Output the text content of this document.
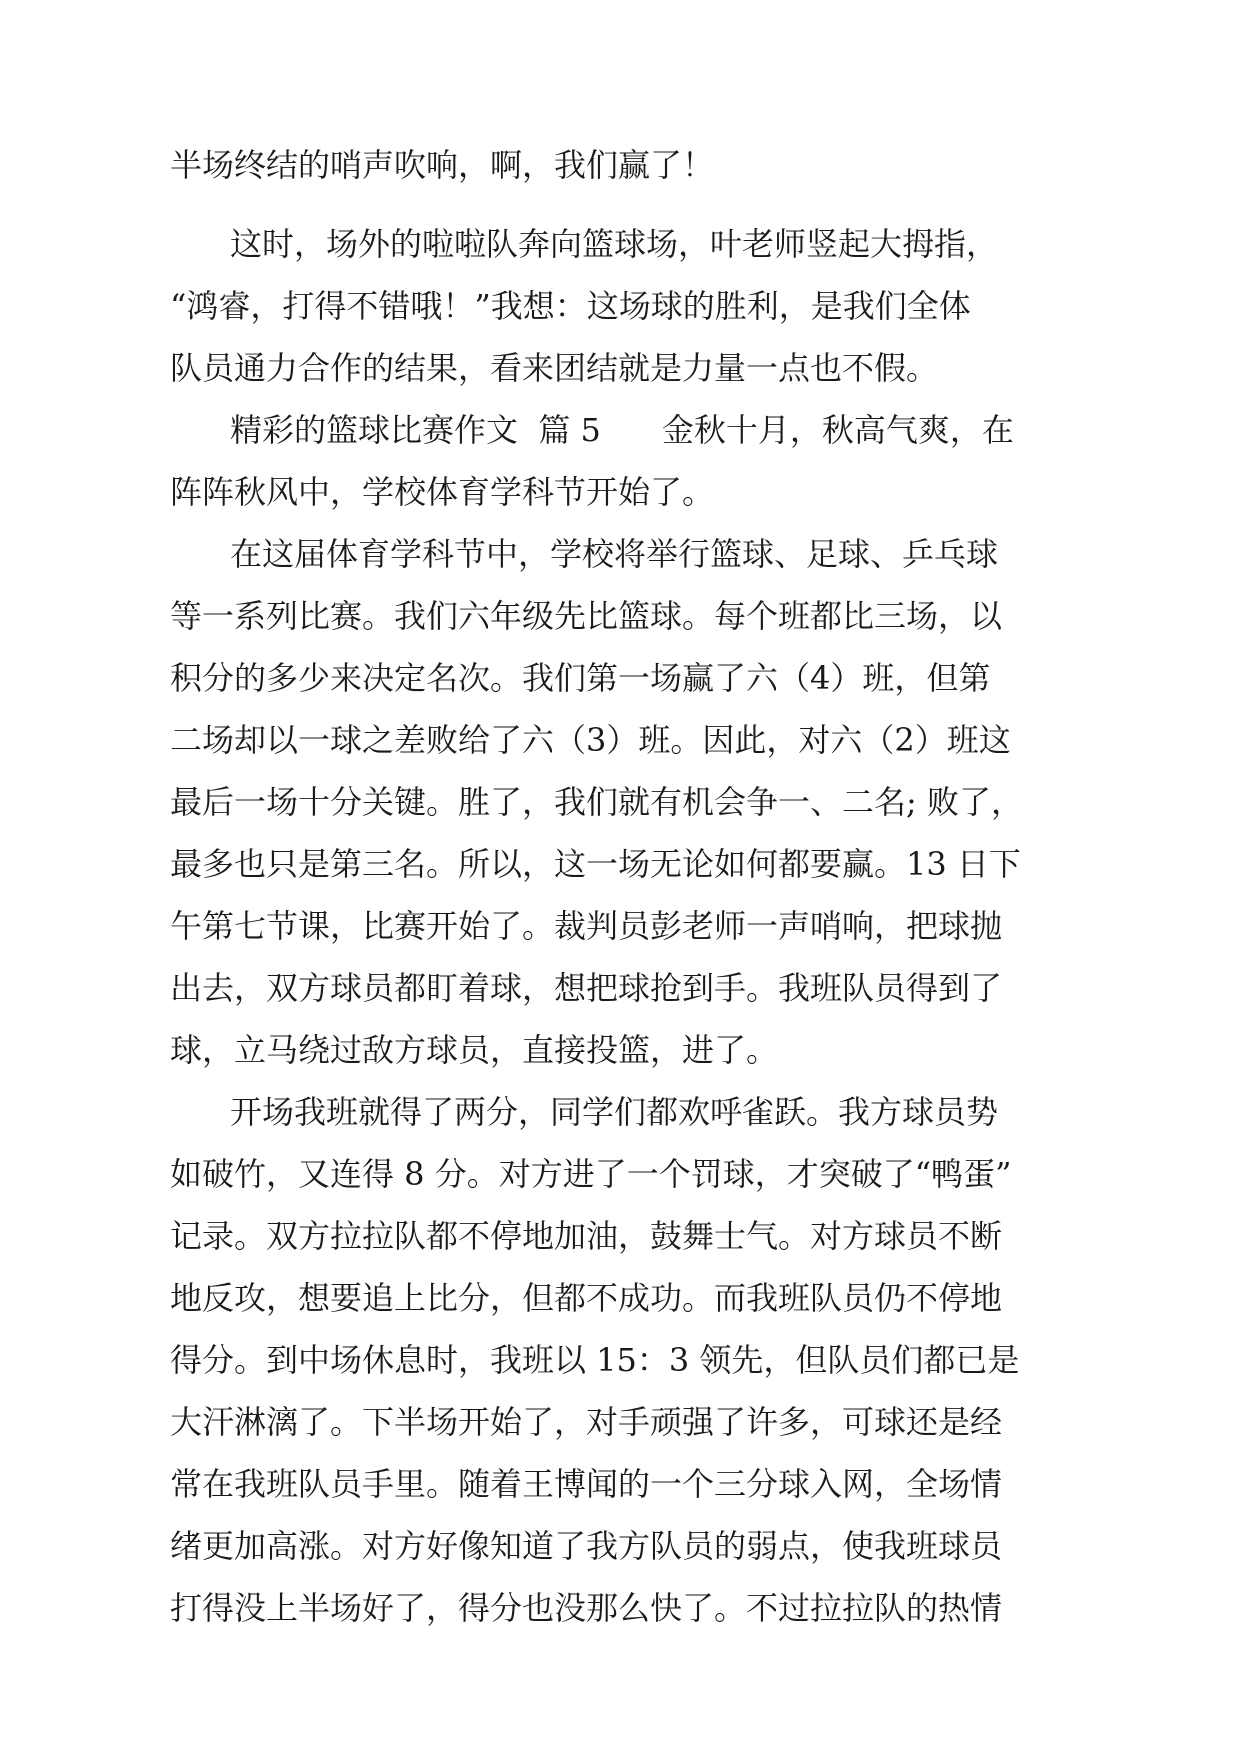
半场终结的哨声吹响，啊，我们赢了！
这时，场外的啦啦队奔向篮球场，叶老师竖起大拇指，
“鸿睿，打得不错哦！”我想：这场球的胜利，是我们全体
队员通力合作的结果，看来团结就是力量一点也不假。
精彩的篮球比赛作文  篇 5      金秋十月，秋高气爽，在
阵阵秋风中，学校体育学科节开始了。
在这届体育学科节中，学校将举行篮球、足球、乒乓球
等一系列比赛。我们六年级先比篮球。每个班都比三场，以
积分的多少来决定名次。我们第一场赢了六（4）班，但第
二场却以一球之差败给了六（3）班。因此，对六（2）班这
最后一场十分关键。胜了，我们就有机会争一、二名; 败了，
最多也只是第三名。所以，这一场无论如何都要赢。13 日下
午第七节课，比赛开始了。裁判员彭老师一声哨响，把球抛
出去，双方球员都盯着球，想把球抢到手。我班队员得到了
球，立马绕过敌方球员，直接投篮，进了。
开场我班就得了两分，同学们都欢呼雀跃。我方球员势
如破竹，又连得 8 分。对方进了一个罚球，才突破了“鸭蛋”
记录。双方拉拉队都不停地加油，鼓舞士气。对方球员不断
地反攻，想要追上比分，但都不成功。而我班队员仍不停地
得分。到中场休息时，我班以 15：3 领先，但队员们都已是
大汗淋漓了。下半场开始了，对手顽强了许多，可球还是经
常在我班队员手里。随着王博闻的一个三分球入网，全场情
绪更加高涨。对方好像知道了我方队员的弱点，使我班球员
打得没上半场好了，得分也没那么快了。不过拉拉队的热情
